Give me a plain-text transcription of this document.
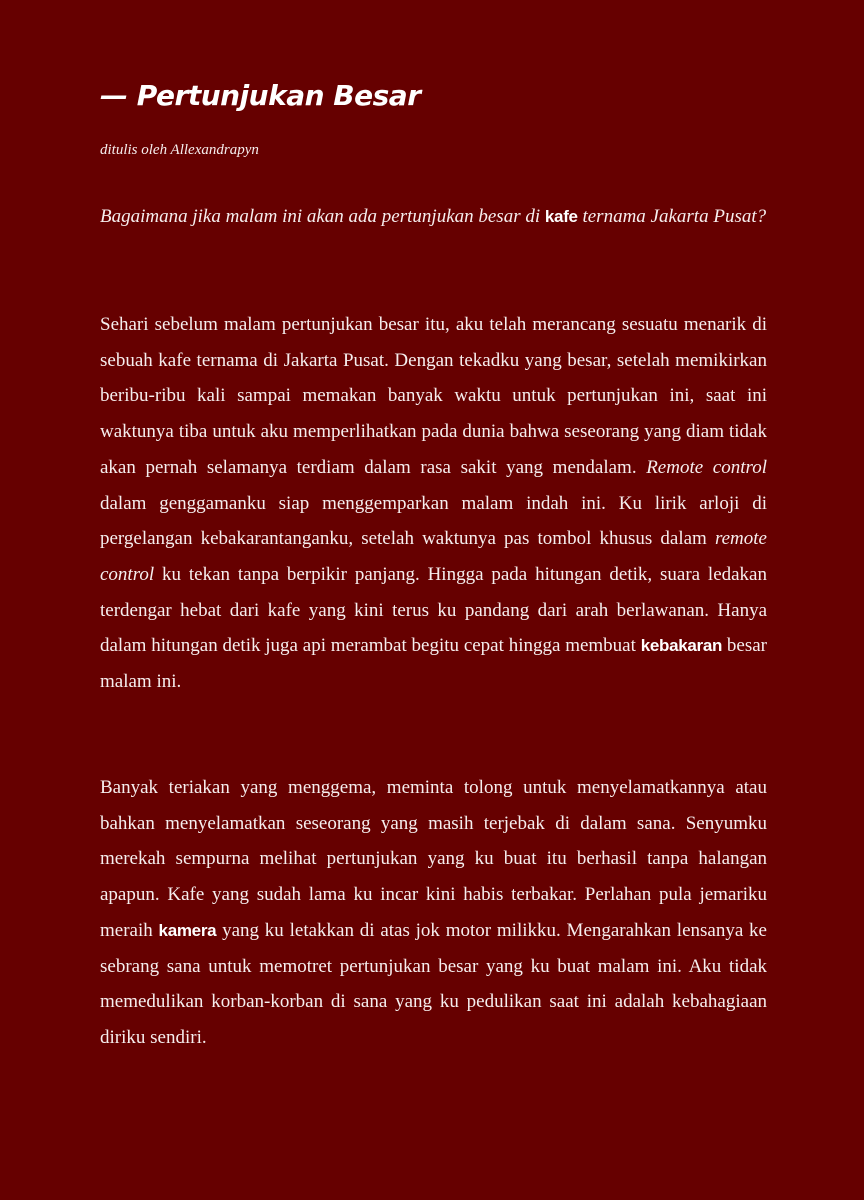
— Pertunjukan Besar

ditulis oleh Allexandrapyn

Bagaimana jika malam ini akan ada pertunjukan besar di kafe ternama Jakarta Pusat?

Sehari sebelum malam pertunjukan besar itu, aku telah merancang sesuatu menarik di sebuah kafe ternama di Jakarta Pusat. Dengan tekadku yang besar, setelah memikirkan beribu-ribu kali sampai memakan banyak waktu untuk pertunjukan ini, saat ini waktunya tiba untuk aku memperlihatkan pada dunia bahwa seseorang yang diam tidak akan pernah selamanya terdiam dalam rasa sakit yang mendalam. Remote control dalam genggamanku siap menggemparkan malam indah ini. Ku lirik arloji di pergelangan kebakarantanganku, setelah waktunya pas tombol khusus dalam remote control ku tekan tanpa berpikir panjang. Hingga pada hitungan detik, suara ledakan terdengar hebat dari kafe yang kini terus ku pandang dari arah berlawanan. Hanya dalam hitungan detik juga api merambat begitu cepat hingga membuat kebakaran besar malam ini.

Banyak teriakan yang menggema, meminta tolong untuk menyelamatkannya atau bahkan menyelamatkan seseorang yang masih terjebak di dalam sana. Senyumku merekah sempurna melihat pertunjukan yang ku buat itu berhasil tanpa halangan apapun. Kafe yang sudah lama ku incar kini habis terbakar. Perlahan pula jemariku meraih kamera yang ku letakkan di atas jok motor milikku. Mengarahkan lensanya ke sebrang sana untuk memotret pertunjukan besar yang ku buat malam ini. Aku tidak memedulikan korban-korban di sana yang ku pedulikan saat ini adalah kebahagiaan diriku sendiri.
